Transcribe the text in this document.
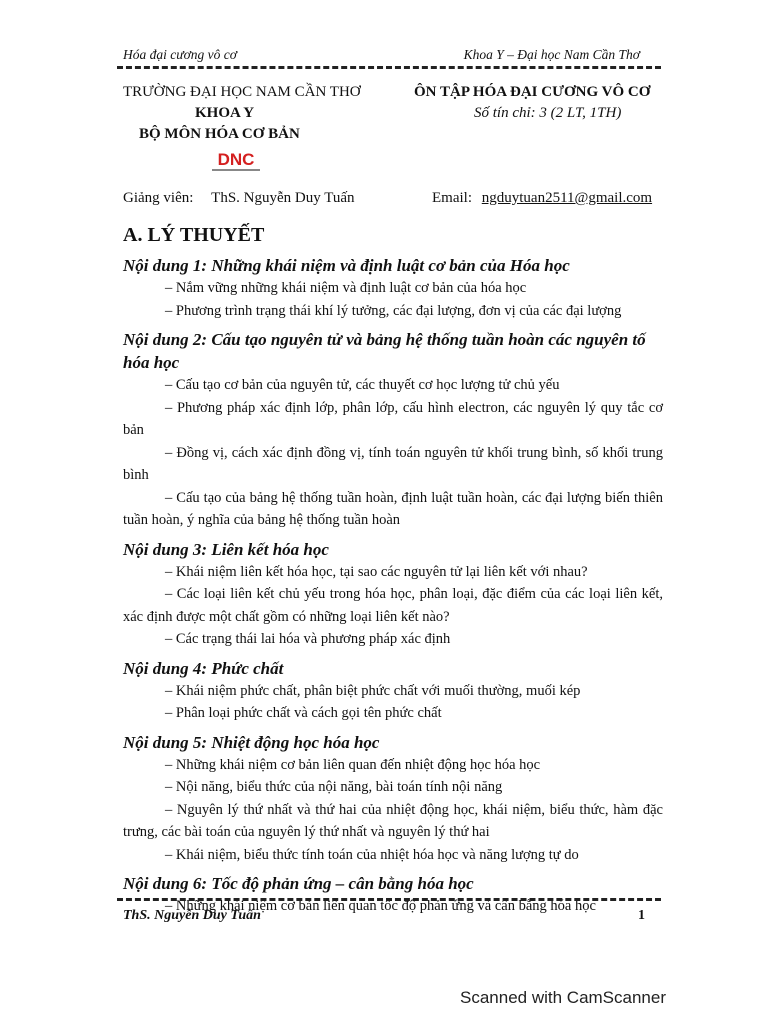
Hóa đại cương vô cơ	Khoa Y – Đại học Nam Cần Thơ
TRƯỜNG ĐẠI HỌC NAM CẦN THƠ
KHOA Y
BỘ MÔN HÓA CƠ BẢN
DNC
ÔN TẬP HÓA ĐẠI CƯƠNG VÔ CƠ
Số tín chỉ: 3 (2 LT, 1TH)
Giảng viên: ThS. Nguyễn Duy Tuấn	Email: ngduytuan2511@gmail.com
A. LÝ THUYẾT

Nội dung 1: Những khái niệm và định luật cơ bản của Hóa học

– Nắm vững những khái niệm và định luật cơ bản của hóa học

– Phương trình trạng thái khí lý tưởng, các đại lượng, đơn vị của các đại lượng

Nội dung 2: Cấu tạo nguyên tử và bảng hệ thống tuần hoàn các nguyên tố hóa học

– Cấu tạo cơ bản của nguyên tử, các thuyết cơ học lượng tử chủ yếu

– Phương pháp xác định lớp, phân lớp, cấu hình electron, các nguyên lý quy tắc cơ bản

– Đồng vị, cách xác định đồng vị, tính toán nguyên tử khối trung bình, số khối trung bình

– Cấu tạo của bảng hệ thống tuần hoàn, định luật tuần hoàn, các đại lượng biến thiên tuần hoàn, ý nghĩa của bảng hệ thống tuần hoàn

Nội dung 3: Liên kết hóa học

– Khái niệm liên kết hóa học, tại sao các nguyên tử lại liên kết với nhau?

– Các loại liên kết chủ yếu trong hóa học, phân loại, đặc điểm của các loại liên kết, xác định được một chất gồm có những loại liên kết nào?

– Các trạng thái lai hóa và phương pháp xác định

Nội dung 4: Phức chất

– Khái niệm phức chất, phân biệt phức chất với muối thường, muối kép

– Phân loại phức chất và cách gọi tên phức chất

Nội dung 5: Nhiệt động học hóa học

– Những khái niệm cơ bản liên quan đến nhiệt động học hóa học

– Nội năng, biểu thức của nội năng, bài toán tính nội năng

– Nguyên lý thứ nhất và thứ hai của nhiệt động học, khái niệm, biểu thức, hàm đặc trưng, các bài toán của nguyên lý thứ nhất và nguyên lý thứ hai

– Khái niệm, biểu thức tính toán của nhiệt hóa học và năng lượng tự do

Nội dung 6: Tốc độ phản ứng – cân bằng hóa học

– Những khái niệm cơ bản liên quan tốc độ phản ứng và cân bằng hóa học

ThS. Nguyễn Duy Tuấn	1
Scanned with CamScanner
